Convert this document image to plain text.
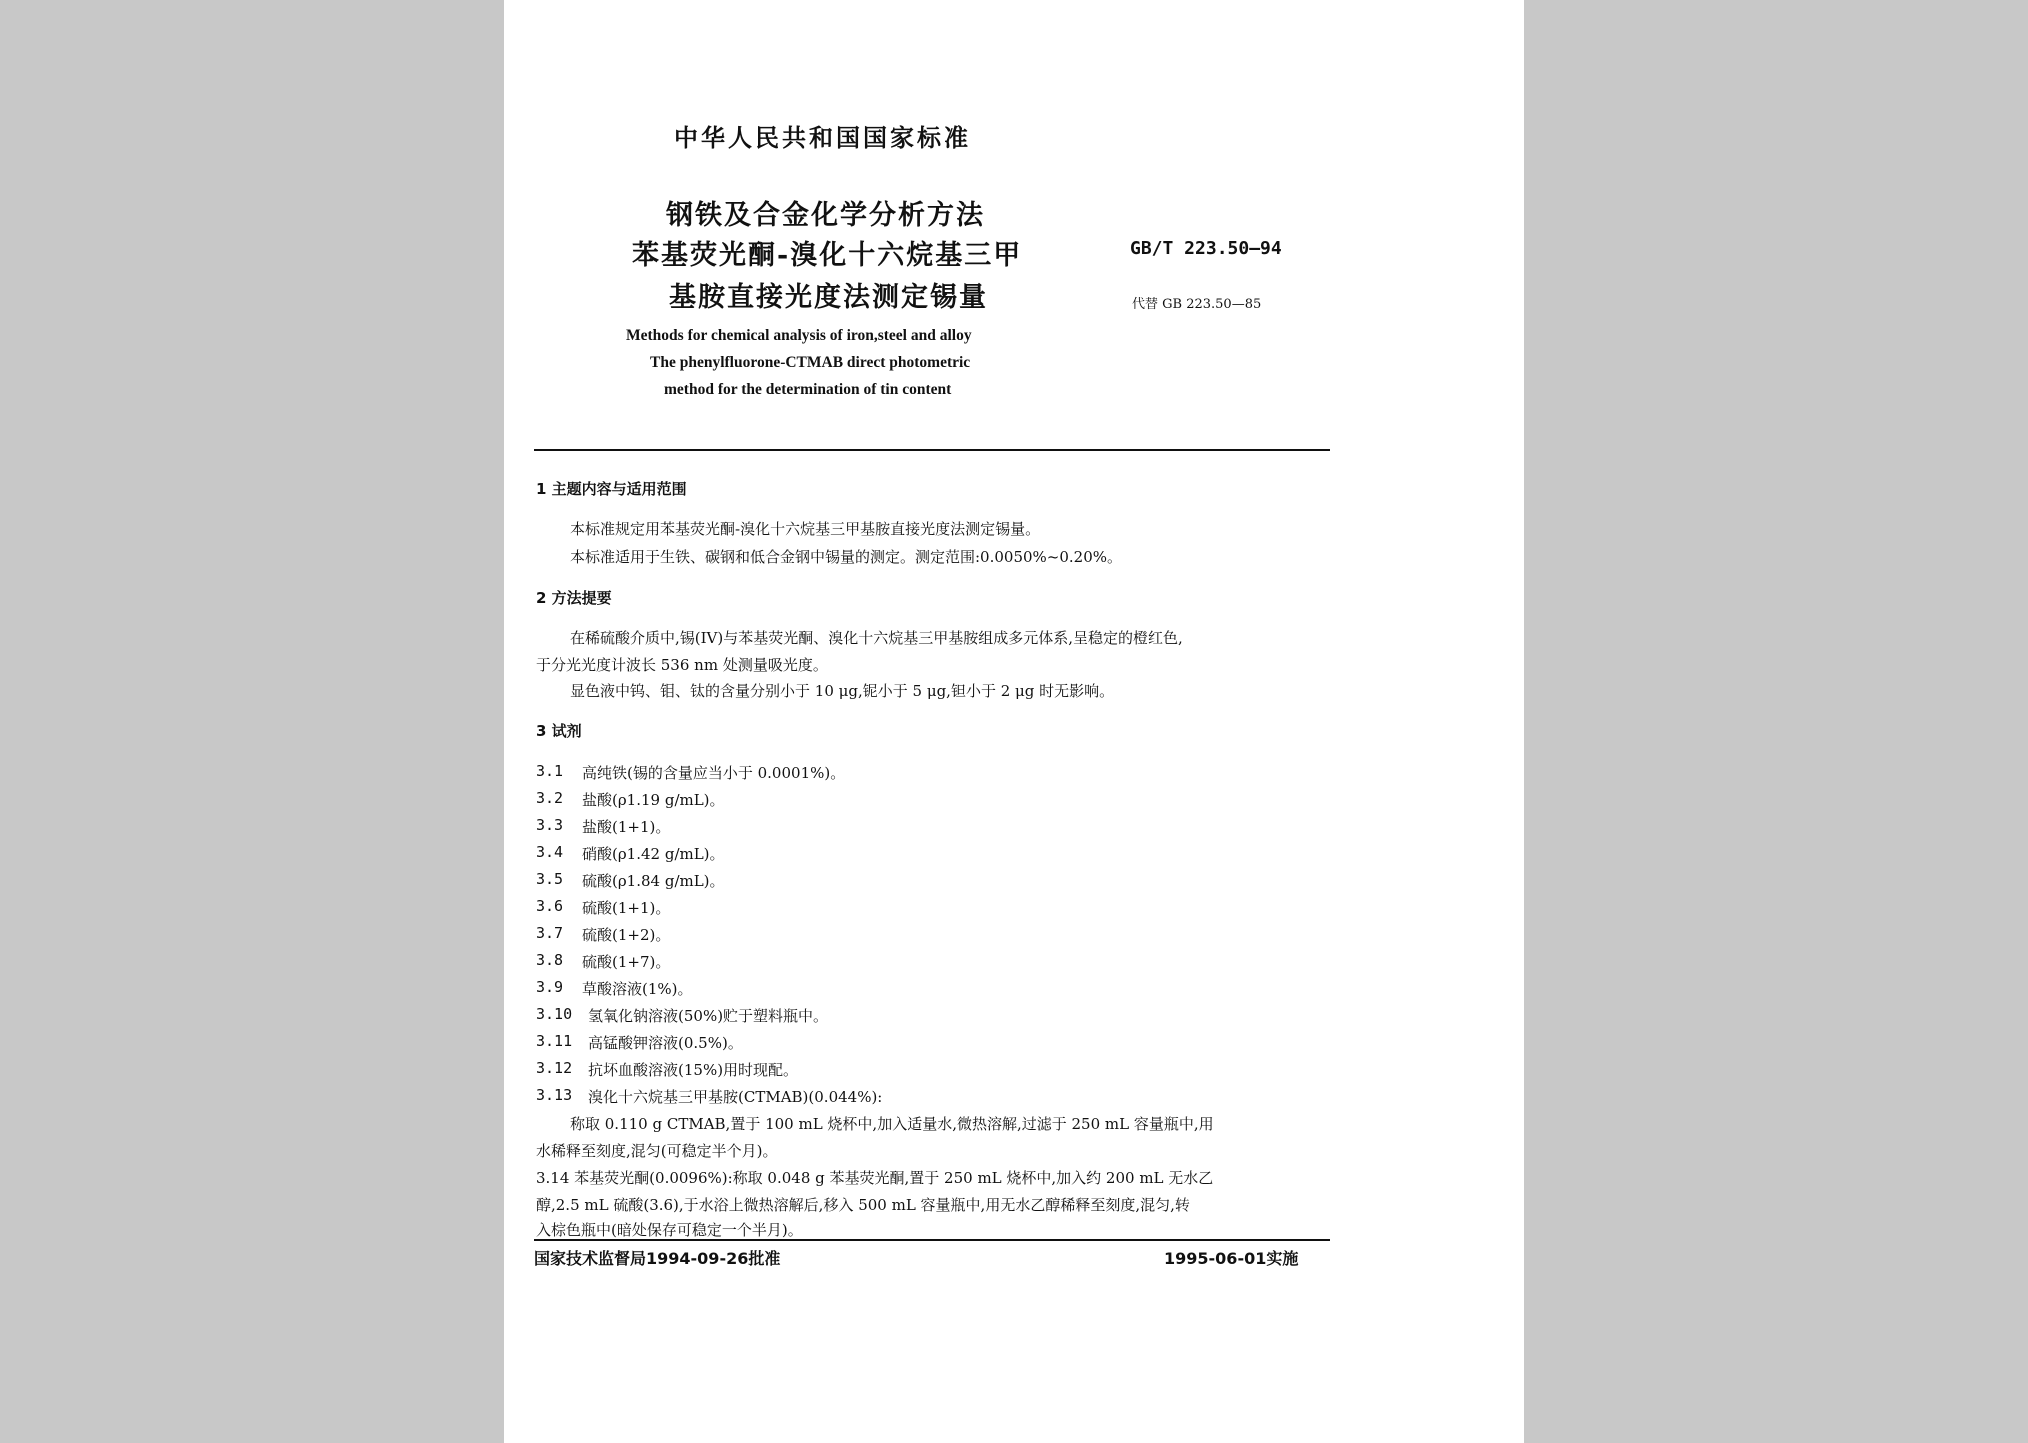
中华人民共和国国家标准
钢铁及合金化学分析方法
苯基荧光酮-溴化十六烷基三甲
基胺直接光度法测定锡量
GB/T 223.50—94
代替 GB 223.50—85
Methods for chemical analysis of iron,steel and alloy
The phenylfluorone-CTMAB direct photometric
method for the determination of tin content
1 主题内容与适用范围
本标准规定用苯基荧光酮-溴化十六烷基三甲基胺直接光度法测定锡量。
本标准适用于生铁、碳钢和低合金钢中锡量的测定。测定范围:0.0050%~0.20%。
2 方法提要
在稀硫酸介质中,锡(IV)与苯基荧光酮、溴化十六烷基三甲基胺组成多元体系,呈稳定的橙红色,
于分光光度计波长 536 nm 处测量吸光度。
显色液中钨、钼、钛的含量分别小于 10 μg,铌小于 5 μg,钽小于 2 μg 时无影响。
3 试剂
3.1	高纯铁(锡的含量应当小于 0.0001%)。
3.2	盐酸(ρ1.19 g/mL)。
3.3	盐酸(1+1)。
3.4	硝酸(ρ1.42 g/mL)。
3.5	硫酸(ρ1.84 g/mL)。
3.6	硫酸(1+1)。
3.7	硫酸(1+2)。
3.8	硫酸(1+7)。
3.9	草酸溶液(1%)。
3.10	氢氧化钠溶液(50%)贮于塑料瓶中。
3.11	高锰酸钾溶液(0.5%)。
3.12	抗坏血酸溶液(15%)用时现配。
3.13	溴化十六烷基三甲基胺(CTMAB)(0.044%):
称取 0.110 g CTMAB,置于 100 mL 烧杯中,加入适量水,微热溶解,过滤于 250 mL 容量瓶中,用
水稀释至刻度,混匀(可稳定半个月)。
3.14 苯基荧光酮(0.0096%):称取 0.048 g 苯基荧光酮,置于 250 mL 烧杯中,加入约 200 mL 无水乙
醇,2.5 mL 硫酸(3.6),于水浴上微热溶解后,移入 500 mL 容量瓶中,用无水乙醇稀释至刻度,混匀,转
入棕色瓶中(暗处保存可稳定一个半月)。
国家技术监督局1994-09-26批准	1995-06-01实施
